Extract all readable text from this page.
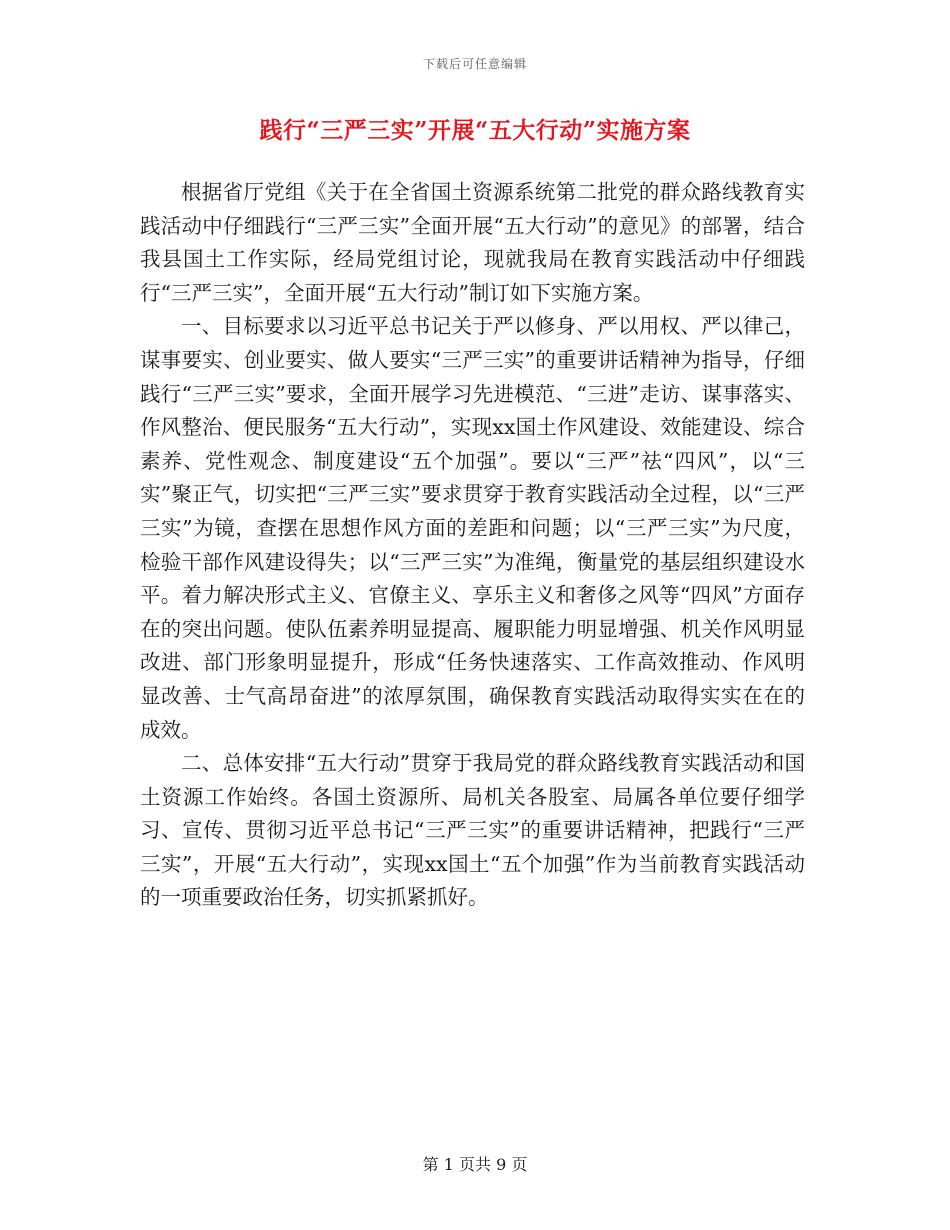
下载后可任意编辑
践行“三严三实”开展“五大行动”实施方案

根据省厅党组《关于在全省国土资源系统第二批党的群众路线教育实践活动中仔细践行“三严三实”全面开展“五大行动”的意见》的部署，结合我县国土工作实际，经局党组讨论，现就我局在教育实践活动中仔细践行“三严三实”，全面开展“五大行动”制订如下实施方案。

一、目标要求以习近平总书记关于严以修身、严以用权、严以律己，谋事要实、创业要实、做人要实“三严三实”的重要讲话精神为指导，仔细践行“三严三实”要求，全面开展学习先进模范、“三进”走访、谋事落实、作风整治、便民服务“五大行动”，实现xx国土作风建设、效能建设、综合素养、党性观念、制度建设“五个加强”。要以“三严”祛“四风”，以“三实”聚正气，切实把“三严三实”要求贯穿于教育实践活动全过程，以“三严三实”为镜，查摆在思想作风方面的差距和问题；以“三严三实”为尺度，检验干部作风建设得失；以“三严三实”为准绳，衡量党的基层组织建设水平。着力解决形式主义、官僚主义、享乐主义和奢侈之风等“四风”方面存在的突出问题。使队伍素养明显提高、履职能力明显增强、机关作风明显改进、部门形象明显提升，形成“任务快速落实、工作高效推动、作风明显改善、士气高昂奋进”的浓厚氛围，确保教育实践活动取得实实在在的成效。

二、总体安排“五大行动”贯穿于我局党的群众路线教育实践活动和国土资源工作始终。各国土资源所、局机关各股室、局属各单位要仔细学习、宣传、贯彻习近平总书记“三严三实”的重要讲话精神，把践行“三严三实”，开展“五大行动”，实现xx国土“五个加强”作为当前教育实践活动的一项重要政治任务，切实抓紧抓好。

第 1 页共 9 页
